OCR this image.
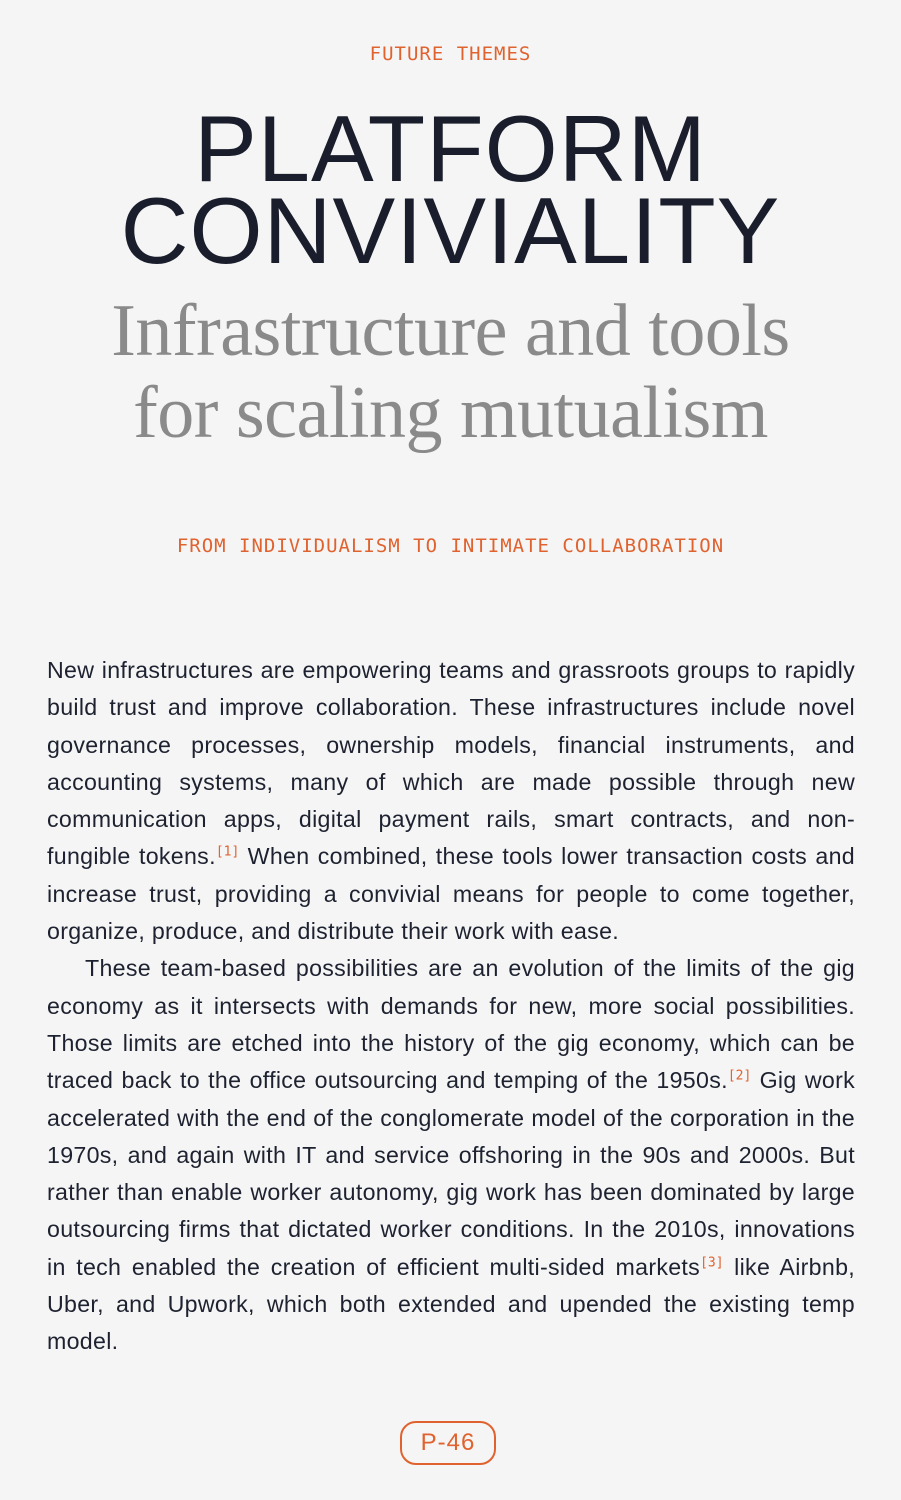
FUTURE THEMES
PLATFORM
CONVIVIALITY
Infrastructure and tools
for scaling mutualism
FROM INDIVIDUALISM TO INTIMATE COLLABORATION

New infrastructures are empowering teams and grassroots groups to rapidly build trust and improve collaboration. These infrastructures include novel governance processes, ownership models, financial instruments, and accounting systems, many of which are made possible through new communication apps, digital payment rails, smart contracts, and non-fungible tokens.[1] When combined, these tools lower transaction costs and increase trust, providing a convivial means for people to come together, organize, produce, and distribute their work with ease.

These team-based possibilities are an evolution of the limits of the gig economy as it intersects with demands for new, more social possibilities. Those limits are etched into the history of the gig economy, which can be traced back to the office outsourcing and temping of the 1950s.[2] Gig work accelerated with the end of the conglomerate model of the corporation in the 1970s, and again with IT and service offshoring in the 90s and 2000s. But rather than enable worker autonomy, gig work has been dominated by large outsourcing firms that dictated worker conditions. In the 2010s, innovations in tech enabled the creation of efficient multi-sided markets[3] like Airbnb, Uber, and Upwork, which both extended and upended the existing temp model.

P-46
